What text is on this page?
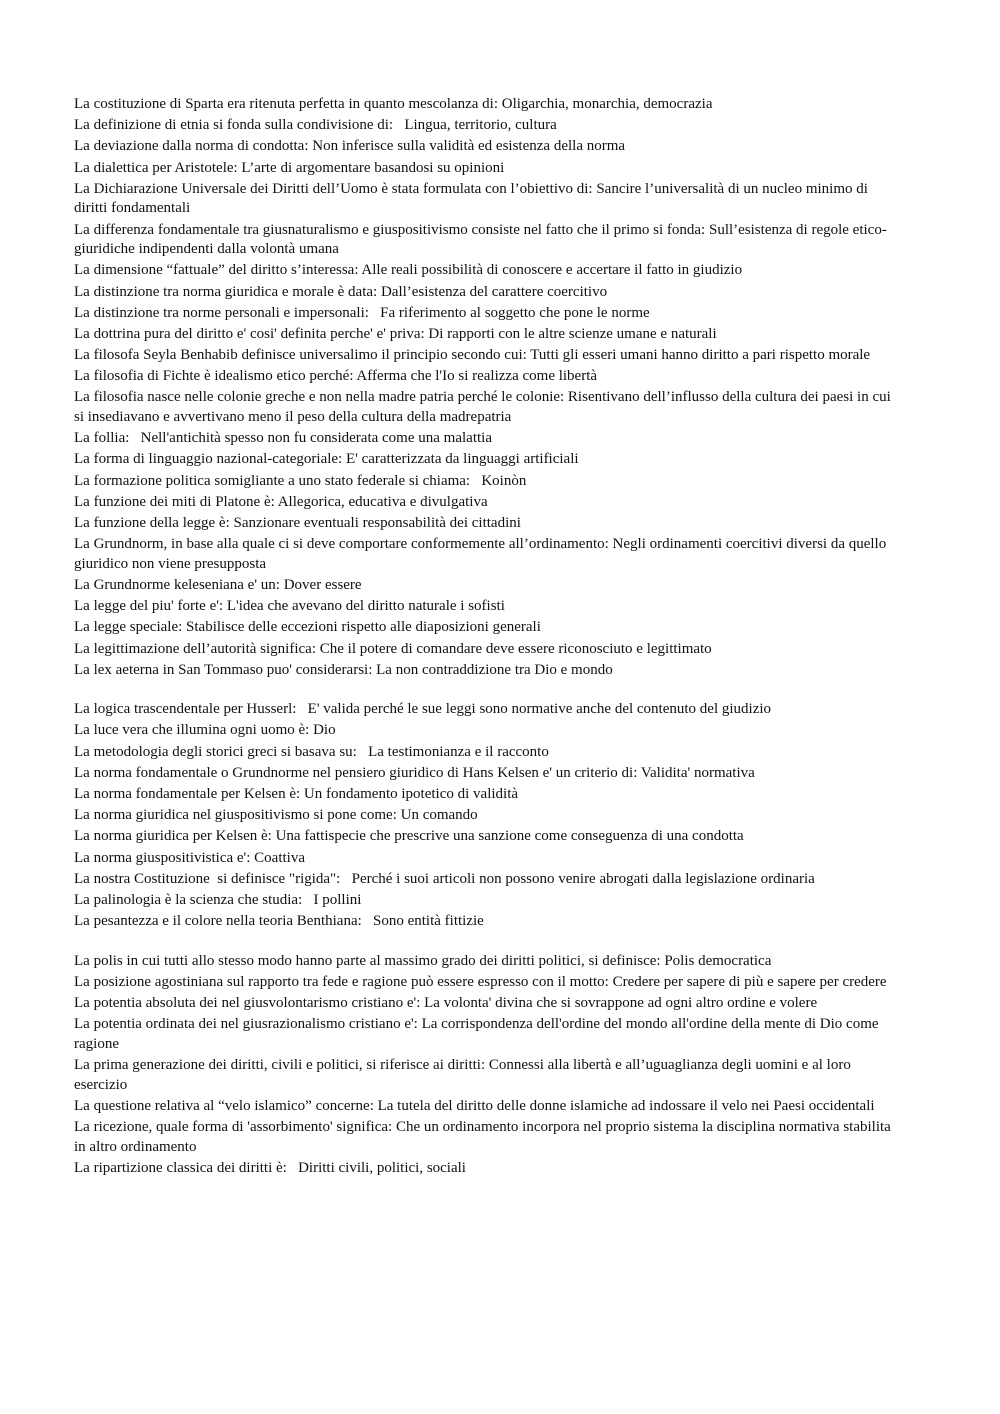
La costituzione di Sparta era ritenuta perfetta in quanto mescolanza di: Oligarchia, monarchia, democrazia

La definizione di etnia si fonda sulla condivisione di:   Lingua, territorio, cultura

La deviazione dalla norma di condotta: Non inferisce sulla validità ed esistenza della norma

La dialettica per Aristotele: L’arte di argomentare basandosi su opinioni

La Dichiarazione Universale dei Diritti dell’Uomo è stata formulata con l’obiettivo di: Sancire l’universalità di un nucleo minimo di diritti fondamentali

La differenza fondamentale tra giusnaturalismo e giuspositivismo consiste nel fatto che il primo si fonda: Sull’esistenza di regole etico-giuridiche indipendenti dalla volontà umana

La dimensione “fattuale” del diritto s’interessa: Alle reali possibilità di conoscere e accertare il fatto in giudizio

La distinzione tra norma giuridica e morale è data: Dall’esistenza del carattere coercitivo

La distinzione tra norme personali e impersonali:   Fa riferimento al soggetto che pone le norme

La dottrina pura del diritto e' cosi' definita perche' e' priva: Di rapporti con le altre scienze umane e naturali

La filosofa Seyla Benhabib definisce universalimo il principio secondo cui: Tutti gli esseri umani hanno diritto a pari rispetto morale

La filosofia di Fichte è idealismo etico perché: Afferma che l'Io si realizza come libertà

La filosofia nasce nelle colonie greche e non nella madre patria perché le colonie: Risentivano dell’influsso della cultura dei paesi in cui si insediavano e avvertivano meno il peso della cultura della madrepatria

La follia:   Nell'antichità spesso non fu considerata come una malattia

La forma di linguaggio nazional-categoriale: E' caratterizzata da linguaggi artificiali

La formazione politica somigliante a uno stato federale si chiama:   Koinòn

La funzione dei miti di Platone è: Allegorica, educativa e divulgativa

La funzione della legge è: Sanzionare eventuali responsabilità dei cittadini

La Grundnorm, in base alla quale ci si deve comportare conformemente all’ordinamento: Negli ordinamenti coercitivi diversi da quello giuridico non viene presupposta

La Grundnorme keleseniana e' un: Dover essere

La legge del piu' forte e': L'idea che avevano del diritto naturale i sofisti

La legge speciale: Stabilisce delle eccezioni rispetto alle diaposizioni generali

La legittimazione dell’autorità significa: Che il potere di comandare deve essere riconosciuto e legittimato

La lex aeterna in San Tommaso puo' considerarsi: La non contraddizione tra Dio e mondo

La logica trascendentale per Husserl:   E' valida perché le sue leggi sono normative anche del contenuto del giudizio

La luce vera che illumina ogni uomo è: Dio

La metodologia degli storici greci si basava su:   La testimonianza e il racconto

La norma fondamentale o Grundnorme nel pensiero giuridico di Hans Kelsen e' un criterio di: Validita' normativa

La norma fondamentale per Kelsen è: Un fondamento ipotetico di validità

La norma giuridica nel giuspositivismo si pone come: Un comando

La norma giuridica per Kelsen è: Una fattispecie che prescrive una sanzione come conseguenza di una condotta

La norma giuspositivistica e': Coattiva

La nostra Costituzione  si definisce "rigida":   Perché i suoi articoli non possono venire abrogati dalla legislazione ordinaria

La palinologia è la scienza che studia:   I pollini

La pesantezza e il colore nella teoria Benthiana:   Sono entità fittizie

La polis in cui tutti allo stesso modo hanno parte al massimo grado dei diritti politici, si definisce: Polis democratica

La posizione agostiniana sul rapporto tra fede e ragione può essere espresso con il motto: Credere per sapere di più e sapere per credere

La potentia absoluta dei nel giusvolontarismo cristiano e': La volonta' divina che si sovrappone ad ogni altro ordine e volere

La potentia ordinata dei nel giusrazionalismo cristiano e': La corrispondenza dell'ordine del mondo all'ordine della mente di Dio come ragione

La prima generazione dei diritti, civili e politici, si riferisce ai diritti: Connessi alla libertà e all’uguaglianza degli uomini e al loro esercizio

La questione relativa al “velo islamico” concerne: La tutela del diritto delle donne islamiche ad indossare il velo nei Paesi occidentali

La ricezione, quale forma di 'assorbimento' significa: Che un ordinamento incorpora nel proprio sistema la disciplina normativa stabilita in altro ordinamento

La ripartizione classica dei diritti è:   Diritti civili, politici, sociali
